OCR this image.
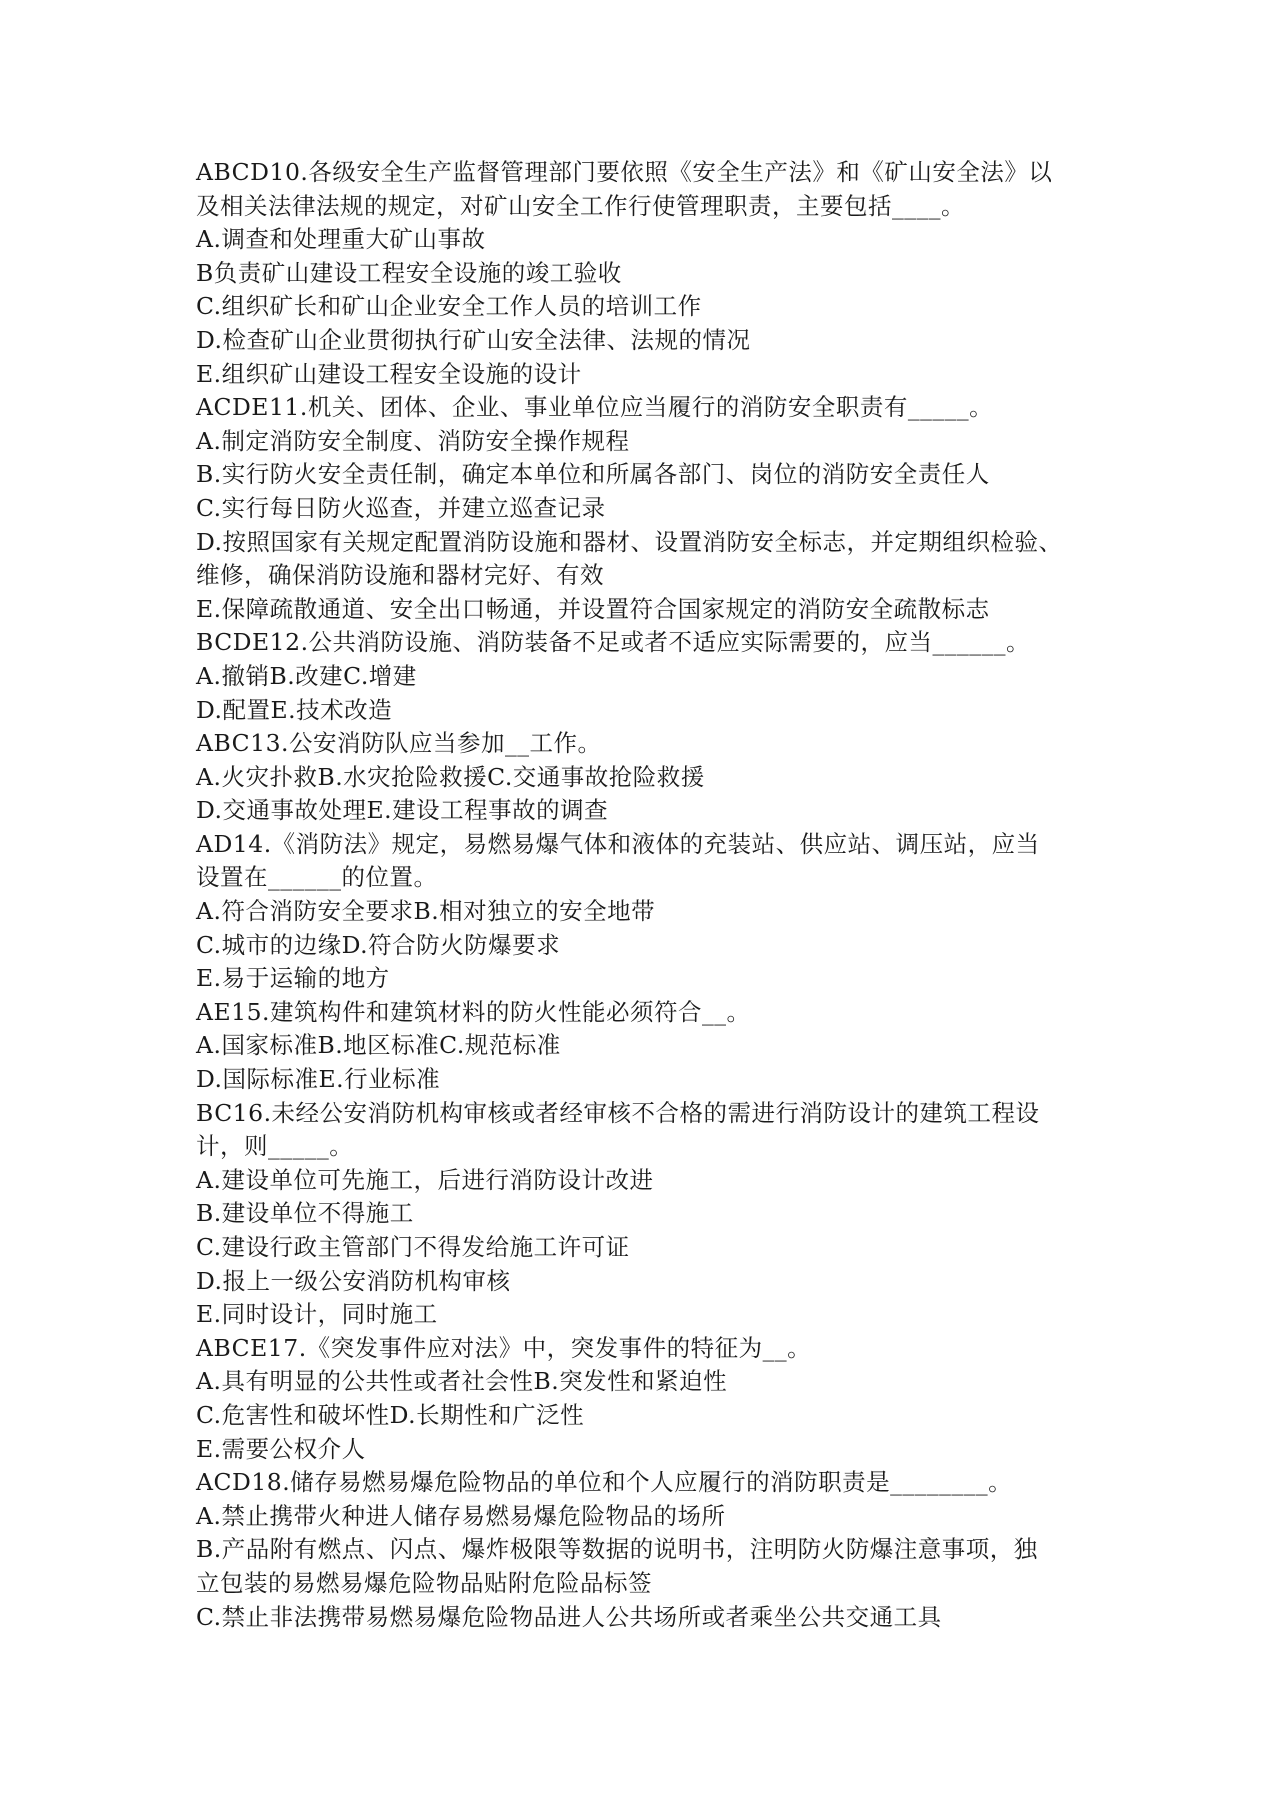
ABCD10.各级安全生产监督管理部门要依照《安全生产法》和《矿山安全法》以
及相关法律法规的规定，对矿山安全工作行使管理职责，主要包括____。
A.调查和处理重大矿山事故
B负责矿山建设工程安全设施的竣工验收
C.组织矿长和矿山企业安全工作人员的培训工作
D.检查矿山企业贯彻执行矿山安全法律、法规的情况
E.组织矿山建设工程安全设施的设计
ACDE11.机关、团体、企业、事业单位应当履行的消防安全职责有_____。
A.制定消防安全制度、消防安全操作规程
B.实行防火安全责任制，确定本单位和所属各部门、岗位的消防安全责任人
C.实行每日防火巡查，并建立巡查记录
D.按照国家有关规定配置消防设施和器材、设置消防安全标志，并定期组织检验、
维修，确保消防设施和器材完好、有效
E.保障疏散通道、安全出口畅通，并设置符合国家规定的消防安全疏散标志
BCDE12.公共消防设施、消防装备不足或者不适应实际需要的，应当______。
A.撤销B.改建C.增建
D.配置E.技术改造
ABC13.公安消防队应当参加__工作。
A.火灾扑救B.水灾抢险救援C.交通事故抢险救援
D.交通事故处理E.建设工程事故的调查
AD14.《消防法》规定，易燃易爆气体和液体的充装站、供应站、调压站，应当
设置在______的位置。
A.符合消防安全要求B.相对独立的安全地带
C.城市的边缘D.符合防火防爆要求
E.易于运输的地方
AE15.建筑构件和建筑材料的防火性能必须符合__。
A.国家标准B.地区标准C.规范标准
D.国际标准E.行业标准
BC16.未经公安消防机构审核或者经审核不合格的需进行消防设计的建筑工程设
计，则_____。
A.建设单位可先施工，后进行消防设计改进
B.建设单位不得施工
C.建设行政主管部门不得发给施工许可证
D.报上一级公安消防机构审核
E.同时设计，同时施工
ABCE17.《突发事件应对法》中，突发事件的特征为__。
A.具有明显的公共性或者社会性B.突发性和紧迫性
C.危害性和破坏性D.长期性和广泛性
E.需要公权介人
ACD18.储存易燃易爆危险物品的单位和个人应履行的消防职责是________。
A.禁止携带火种进人储存易燃易爆危险物品的场所
B.产品附有燃点、闪点、爆炸极限等数据的说明书，注明防火防爆注意事项，独
立包装的易燃易爆危险物品贴附危险品标签
C.禁止非法携带易燃易爆危险物品进人公共场所或者乘坐公共交通工具
